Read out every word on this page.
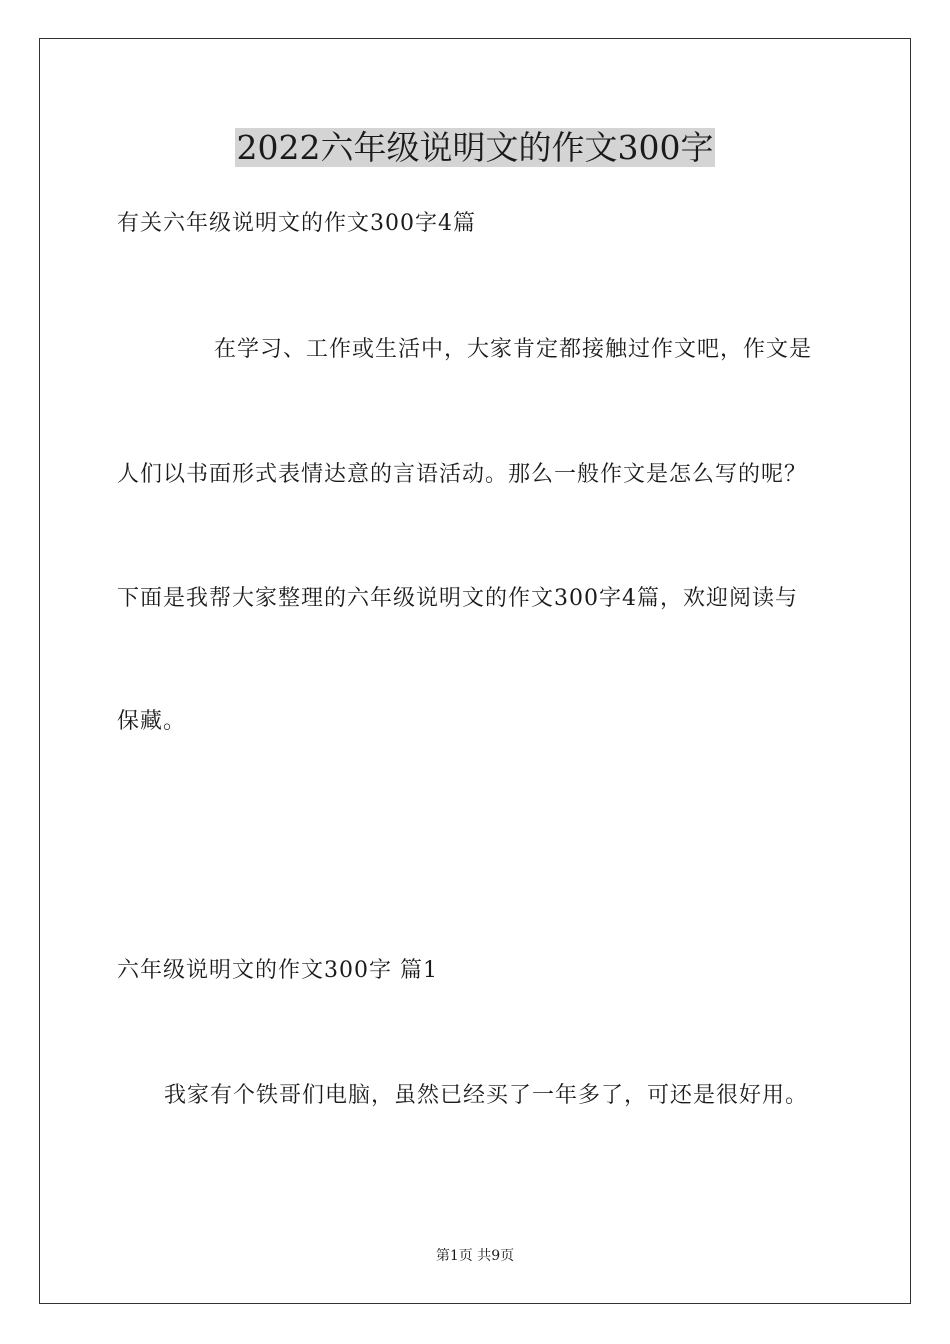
2022六年级说明文的作文300字
有关六年级说明文的作文300字4篇
在学习、工作或生活中，大家肯定都接触过作文吧，作文是
人们以书面形式表情达意的言语活动。那么一般作文是怎么写的呢？
下面是我帮大家整理的六年级说明文的作文300字4篇，欢迎阅读与
保藏。
六年级说明文的作文300字 篇1
我家有个铁哥们电脑，虽然已经买了一年多了，可还是很好用。
第1页 共9页
